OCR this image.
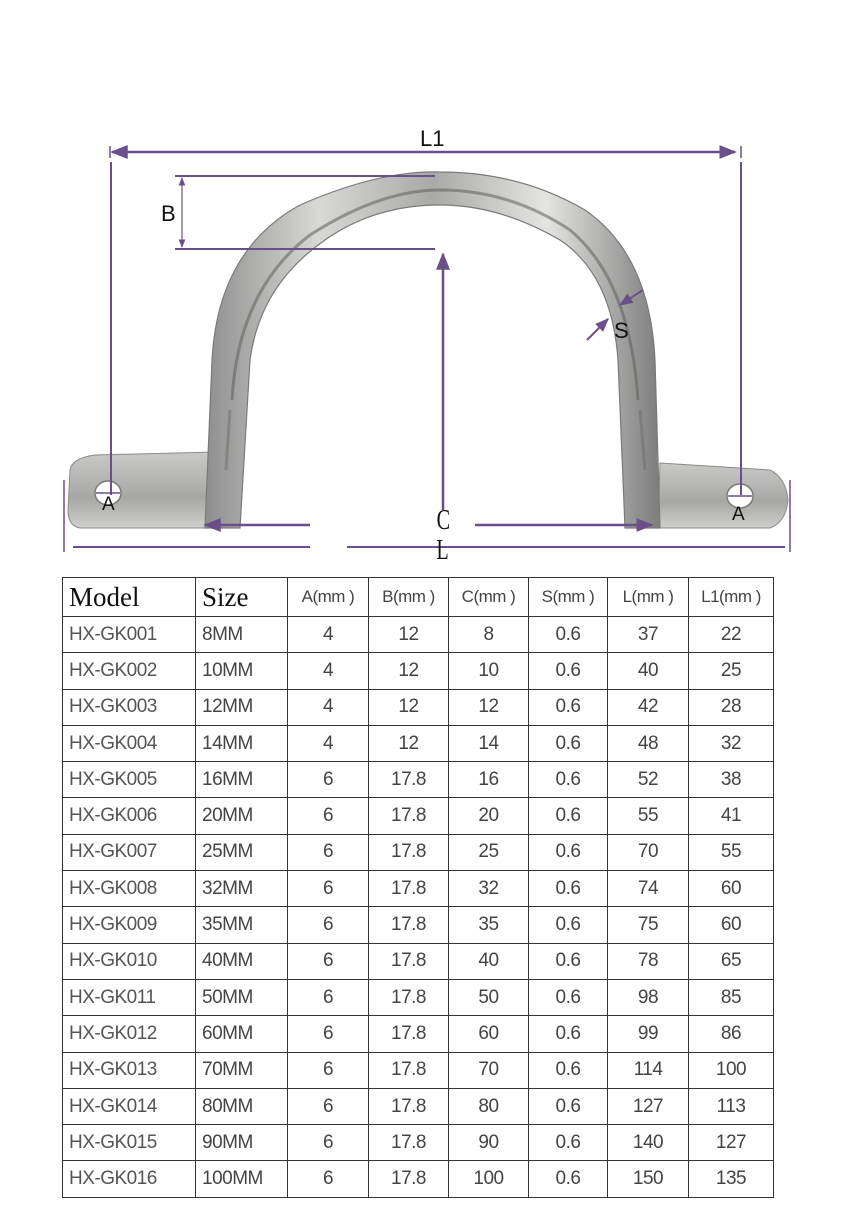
L1
B
S
A	A
C
L
Model	Size	A(mm )	B(mm )	C(mm )	S(mm )	L(mm )	L1(mm )
HX-GK001	8MM	4	12	8	0.6	37	22
HX-GK002	10MM	4	12	10	0.6	40	25
HX-GK003	12MM	4	12	12	0.6	42	28
HX-GK004	14MM	4	12	14	0.6	48	32
HX-GK005	16MM	6	17.8	16	0.6	52	38
HX-GK006	20MM	6	17.8	20	0.6	55	41
HX-GK007	25MM	6	17.8	25	0.6	70	55
HX-GK008	32MM	6	17.8	32	0.6	74	60
HX-GK009	35MM	6	17.8	35	0.6	75	60
HX-GK010	40MM	6	17.8	40	0.6	78	65
HX-GK011	50MM	6	17.8	50	0.6	98	85
HX-GK012	60MM	6	17.8	60	0.6	99	86
HX-GK013	70MM	6	17.8	70	0.6	114	100
HX-GK014	80MM	6	17.8	80	0.6	127	113
HX-GK015	90MM	6	17.8	90	0.6	140	127
HX-GK016	100MM	6	17.8	100	0.6	150	135
